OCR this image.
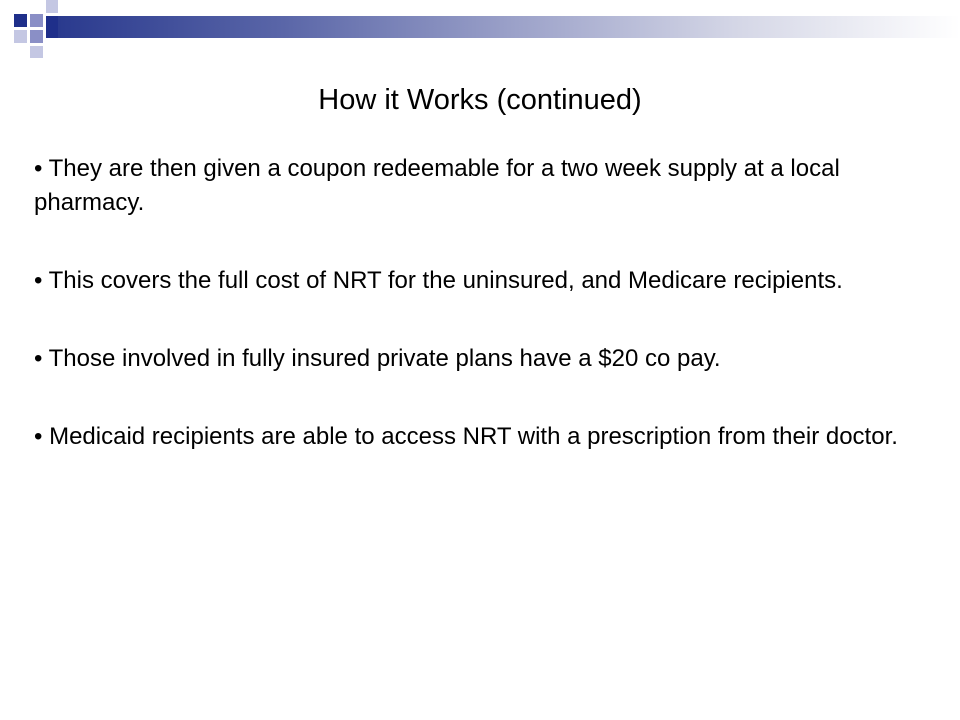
How it Works (continued)
• They are then given a coupon redeemable for a two week supply at a local pharmacy.
• This covers the full cost of NRT for the uninsured, and Medicare recipients.
• Those involved in fully insured private plans have a $20 co pay.
• Medicaid recipients are able to access NRT with a prescription from their doctor.
